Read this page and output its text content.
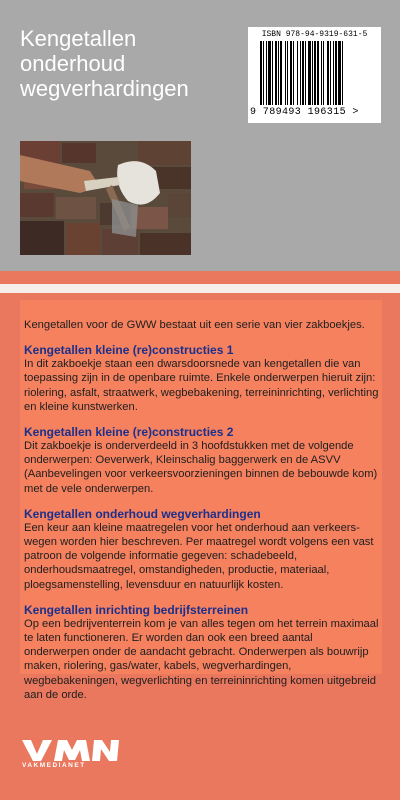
Kengetallen
onderhoud
wegverhardingen
ISBN 978-94-9319-631-5
9 789493 196315 >

Kengetallen voor de GWW bestaat uit een serie van vier zakboekjes.

Kengetallen kleine (re)constructies 1

In dit zakboekje staan een dwarsdoorsnede van kengetallen die van toepassing zijn in de openbare ruimte. Enkele onderwerpen hieruit zijn: riolering, asfalt, straatwerk, wegbebakening, terreininrichting, verlichting en kleine kunstwerken.

Kengetallen kleine (re)constructies 2

Dit zakboekje is onderverdeeld in 3 hoofdstukken met de volgende onderwerpen: Oeverwerk, Kleinschalig baggerwerk en de ASVV (Aanbevelingen voor verkeersvoorzieningen binnen de bebouwde kom) met de vele onderwerpen.

Kengetallen onderhoud wegverhardingen

Een keur aan kleine maatregelen voor het onderhoud aan verkeers-wegen worden hier beschreven. Per maatregel wordt volgens een vast patroon de volgende informatie gegeven: schadebeeld, onderhoudsmaatregel, omstandigheden, productie, materiaal, ploegsamenstelling, levensduur en natuurlijk kosten.

Kengetallen inrichting bedrijfsterreinen

Op een bedrijventerrein kom je van alles tegen om het terrein maximaal te laten functioneren. Er worden dan ook een breed aantal onderwerpen onder de aandacht gebracht. Onderwerpen als bouwrijp maken, riolering, gas/water, kabels, wegverhardingen, wegbebakeningen, wegverlichting en terreininrichting komen uitgebreid aan de orde.

VAKMEDIANET
